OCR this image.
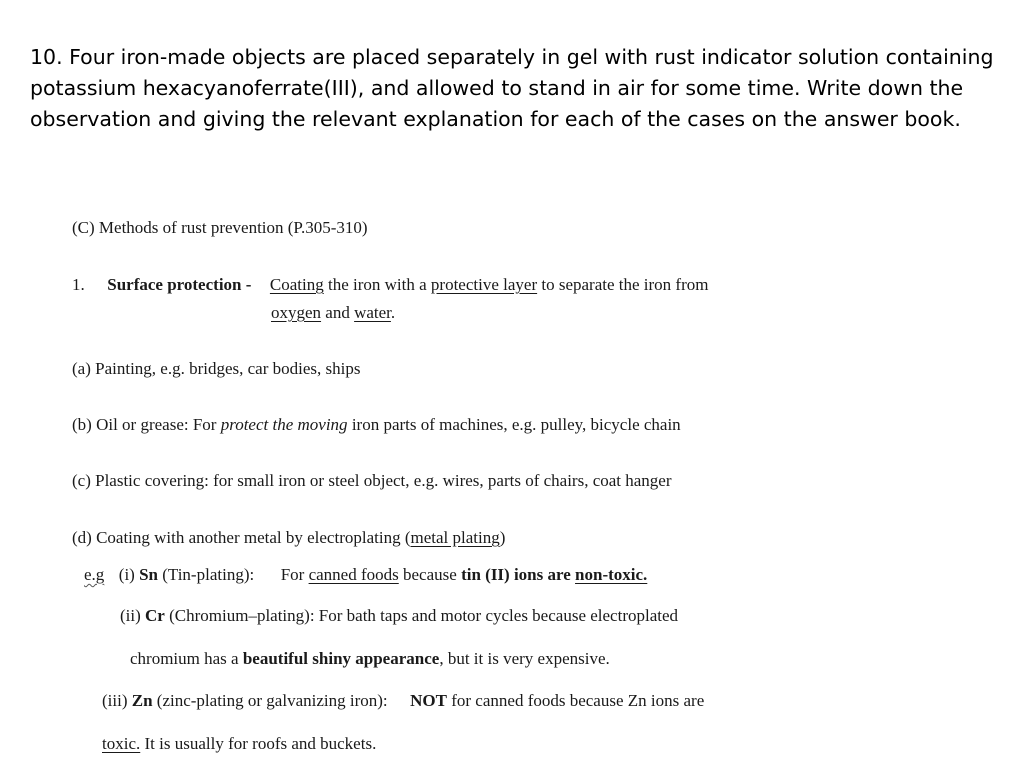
10. Four iron-made objects are placed separately in gel with rust indicator solution containing potassium hexacyanoferrate(III), and allowed to stand in air for some time. Write down the observation and giving the relevant explanation for each of the cases on the answer book.
(C) Methods of rust prevention (P.305-310)
1. Surface protection - Coating the iron with a protective layer to separate the iron from
oxygen and water.
(a) Painting, e.g. bridges, car bodies, ships
(b) Oil or grease: For protect the moving iron parts of machines, e.g. pulley, bicycle chain
(c) Plastic covering: for small iron or steel object, e.g. wires, parts of chairs, coat hanger
(d) Coating with another metal by electroplating (metal plating)
e.g (i) Sn (Tin-plating): For canned foods because tin (II) ions are non-toxic.
(ii) Cr (Chromium–plating): For bath taps and motor cycles because electroplated
chromium has a beautiful shiny appearance, but it is very expensive.
(iii) Zn (zinc-plating or galvanizing iron): NOT for canned foods because Zn ions are
toxic. It is usually for roofs and buckets.
